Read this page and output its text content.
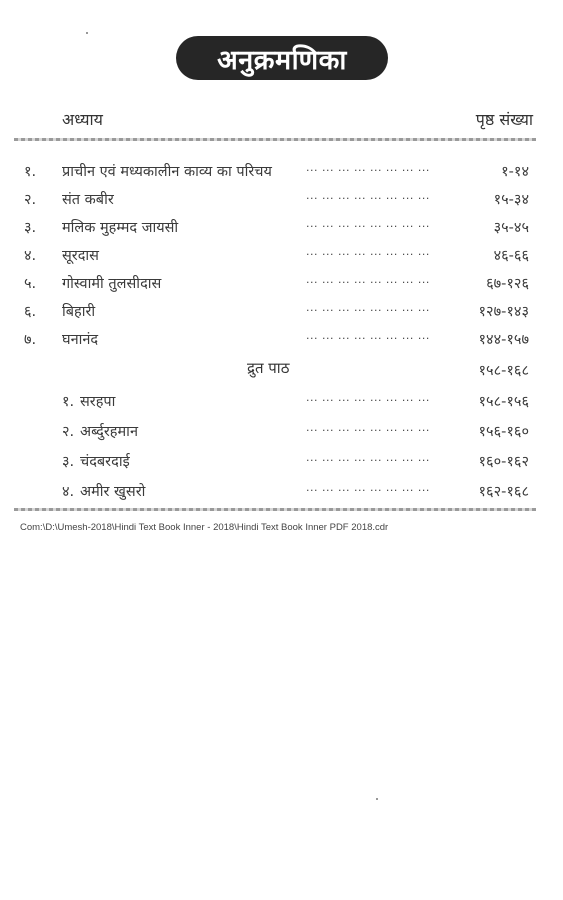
अनुक्रमणिका
अध्याय	पृष्ठ संख्या
१. प्राचीन एवं मध्यकालीन काव्य का परिचय	... ... ... ... ... ... ... ...	१-१४
२. संत कबीर	... ... ... ... ... ... ... ...	१५-३४
३. मलिक मुहम्मद जायसी	... ... ... ... ... ... ... ...	३५-४५
४. सूरदास	... ... ... ... ... ... ... ...	४६-६६
५. गोस्वामी तुलसीदास	... ... ... ... ... ... ... ...	६७-१२६
६. बिहारी	... ... ... ... ... ... ... ...	१२७-१४३
७. घनानंद	... ... ... ... ... ... ... ...	१४४-१५७
द्रुत पाठ	१५८-१६८
१. सरहपा	... ... ... ... ... ... ... ...	१५८-१५६
२. अर्ब्दुरहमान	... ... ... ... ... ... ... ...	१५६-१६०
३. चंदबरदाई	... ... ... ... ... ... ... ...	१६०-१६२
४. अमीर खुसरो	... ... ... ... ... ... ... ...	१६२-१६८
Com:\D:\Umesh-2018\Hindi Text Book Inner - 2018\Hindi Text Book Inner PDF 2018.cdr
